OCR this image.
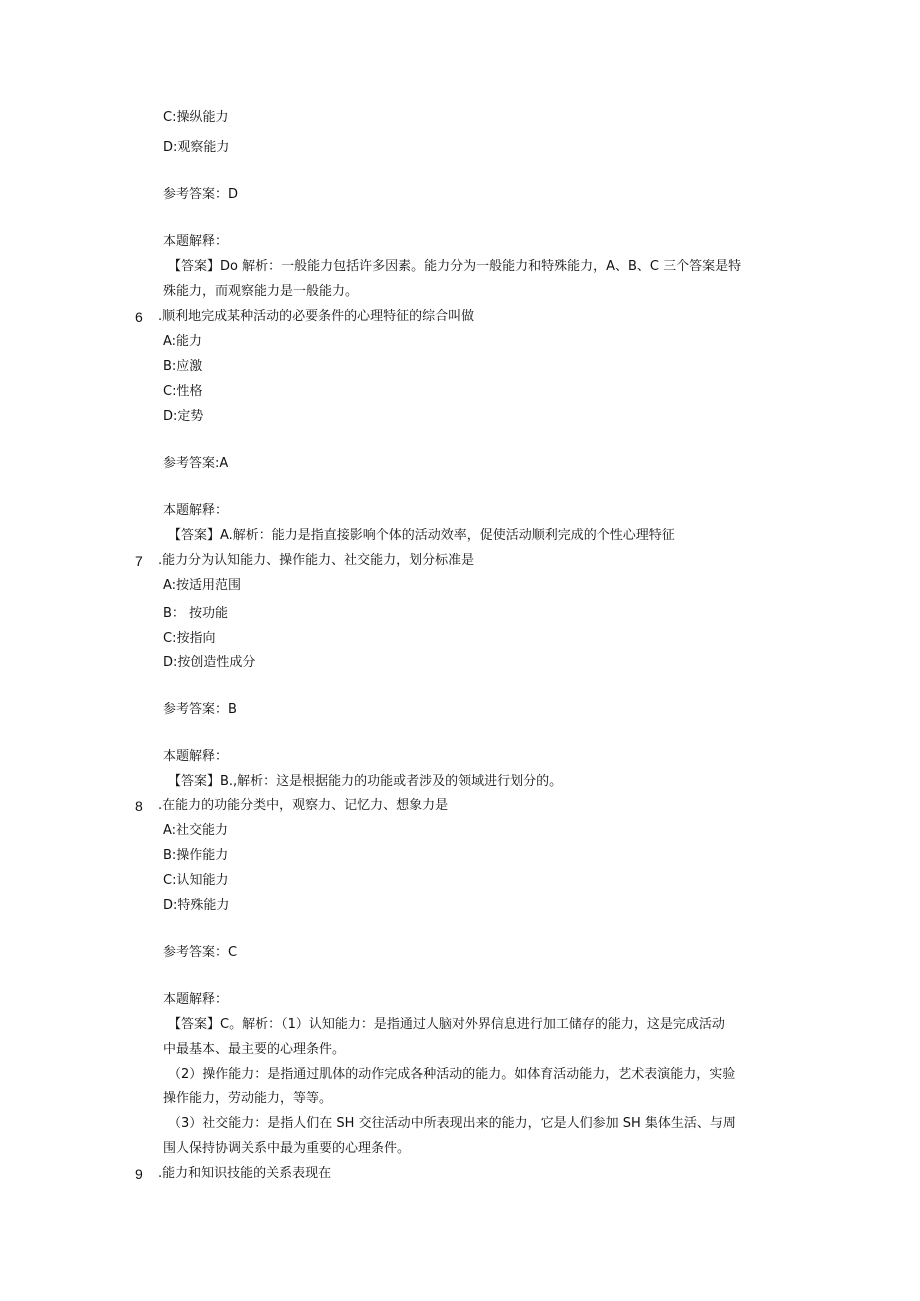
C:操纵能力
D:观察能力
参考答案：D
本题解释：
【答案】Do 解析：一般能力包括许多因素。能力分为一般能力和特殊能力，A、B、C 三个答案是特
殊能力，而观察能力是一般能力。
6 .顺利地完成某种活动的必要条件的心理特征的综合叫做
A:能力
B:应激
C:性格
D:定势
参考答案:A
本题解释：
【答案】A.解析：能力是指直接影响个体的活动效率，促使活动顺利完成的个性心理特征
7 .能力分为认知能力、操作能力、社交能力，划分标准是
A:按适用范围
B： 按功能
C:按指向
D:按创造性成分
参考答案：B
本题解释：
【答案】B.,解析：这是根据能力的功能或者涉及的领域进行划分的。
8 .在能力的功能分类中，观察力、记忆力、想象力是
A:社交能力
B:操作能力
C:认知能力
D:特殊能力
参考答案：C
本题解释：
【答案】C。解析：（1）认知能力：是指通过人脑对外界信息进行加工储存的能力，这是完成活动
中最基本、最主要的心理条件。
（2）操作能力：是指通过肌体的动作完成各种活动的能力。如体育活动能力，艺术表演能力，实验
操作能力，劳动能力，等等。
（3）社交能力：是指人们在 SH 交往活动中所表现出来的能力，它是人们参加 SH 集体生活、与周
围人保持协调关系中最为重要的心理条件。
9 .能力和知识技能的关系表现在
